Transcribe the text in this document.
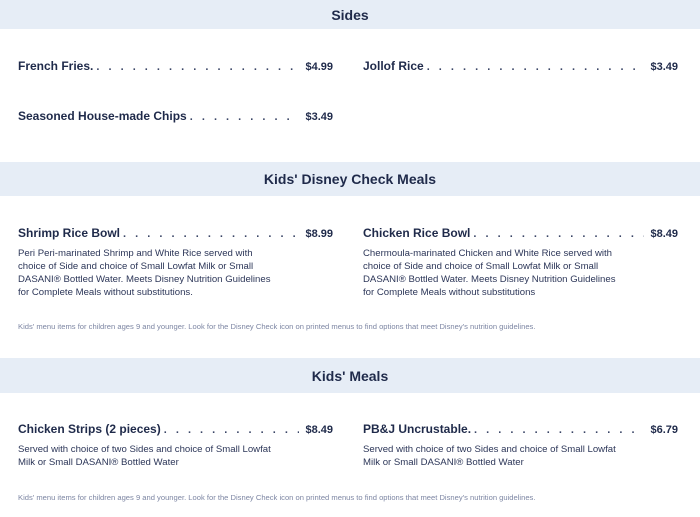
Sides
French Fries. . . .	$4.99	Jollof Rice . . .	$3.49
Seasoned House-made Chips . . .	$3.49
Kids' Disney Check Meals
Shrimp Rice Bowl . . .	$8.99
Peri Peri-marinated Shrimp and White Rice served with choice of Side and choice of Small Lowfat Milk or Small DASANI® Bottled Water. Meets Disney Nutrition Guidelines for Complete Meals without substitutions.
Chicken Rice Bowl . . .	$8.49
Chermoula-marinated Chicken and White Rice served with choice of Side and choice of Small Lowfat Milk or Small DASANI® Bottled Water. Meets Disney Nutrition Guidelines for Complete Meals without substitutions
Kids' menu items for children ages 9 and younger. Look for the Disney Check icon on printed menus to find options that meet Disney's nutrition guidelines.
Kids' Meals
Chicken Strips (2 pieces) . . .	$8.49
Served with choice of two Sides and choice of Small Lowfat Milk or Small DASANI® Bottled Water
PB&J Uncrustable. . . .	$6.79
Served with choice of two Sides and choice of Small Lowfat Milk or Small DASANI® Bottled Water
Kids' menu items for children ages 9 and younger. Look for the Disney Check icon on printed menus to find options that meet Disney's nutrition guidelines.
